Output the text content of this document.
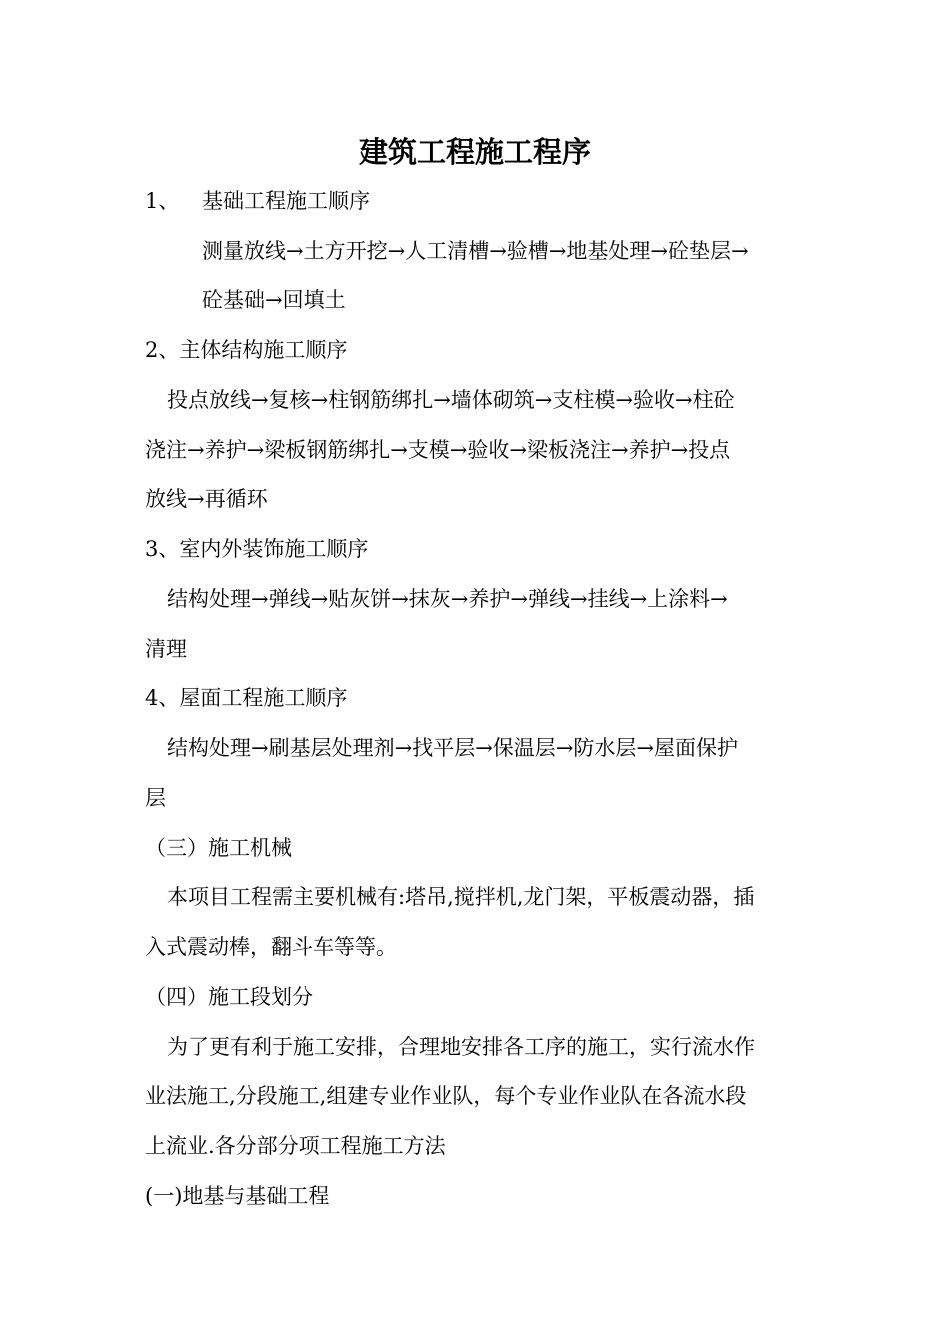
建筑工程施工程序
1、 基础工程施工顺序
测量放线→土方开挖→人工清槽→验槽→地基处理→砼垫层→
砼基础→回填土
2、主体结构施工顺序
投点放线→复核→柱钢筋绑扎→墙体砌筑→支柱模→验收→柱砼
浇注→养护→梁板钢筋绑扎→支模→验收→梁板浇注→养护→投点
放线→再循环
3、室内外装饰施工顺序
结构处理→弹线→贴灰饼→抹灰→养护→弹线→挂线→上涂料→
清理
4、屋面工程施工顺序
结构处理→刷基层处理剂→找平层→保温层→防水层→屋面保护
层
（三）施工机械
本项目工程需主要机械有:塔吊,搅拌机,龙门架，平板震动器，插
入式震动棒，翻斗车等等。
（四）施工段划分
为了更有利于施工安排，合理地安排各工序的施工，实行流水作
业法施工,分段施工,组建专业作业队，每个专业作业队在各流水段
上流业.各分部分项工程施工方法
(一)地基与基础工程
